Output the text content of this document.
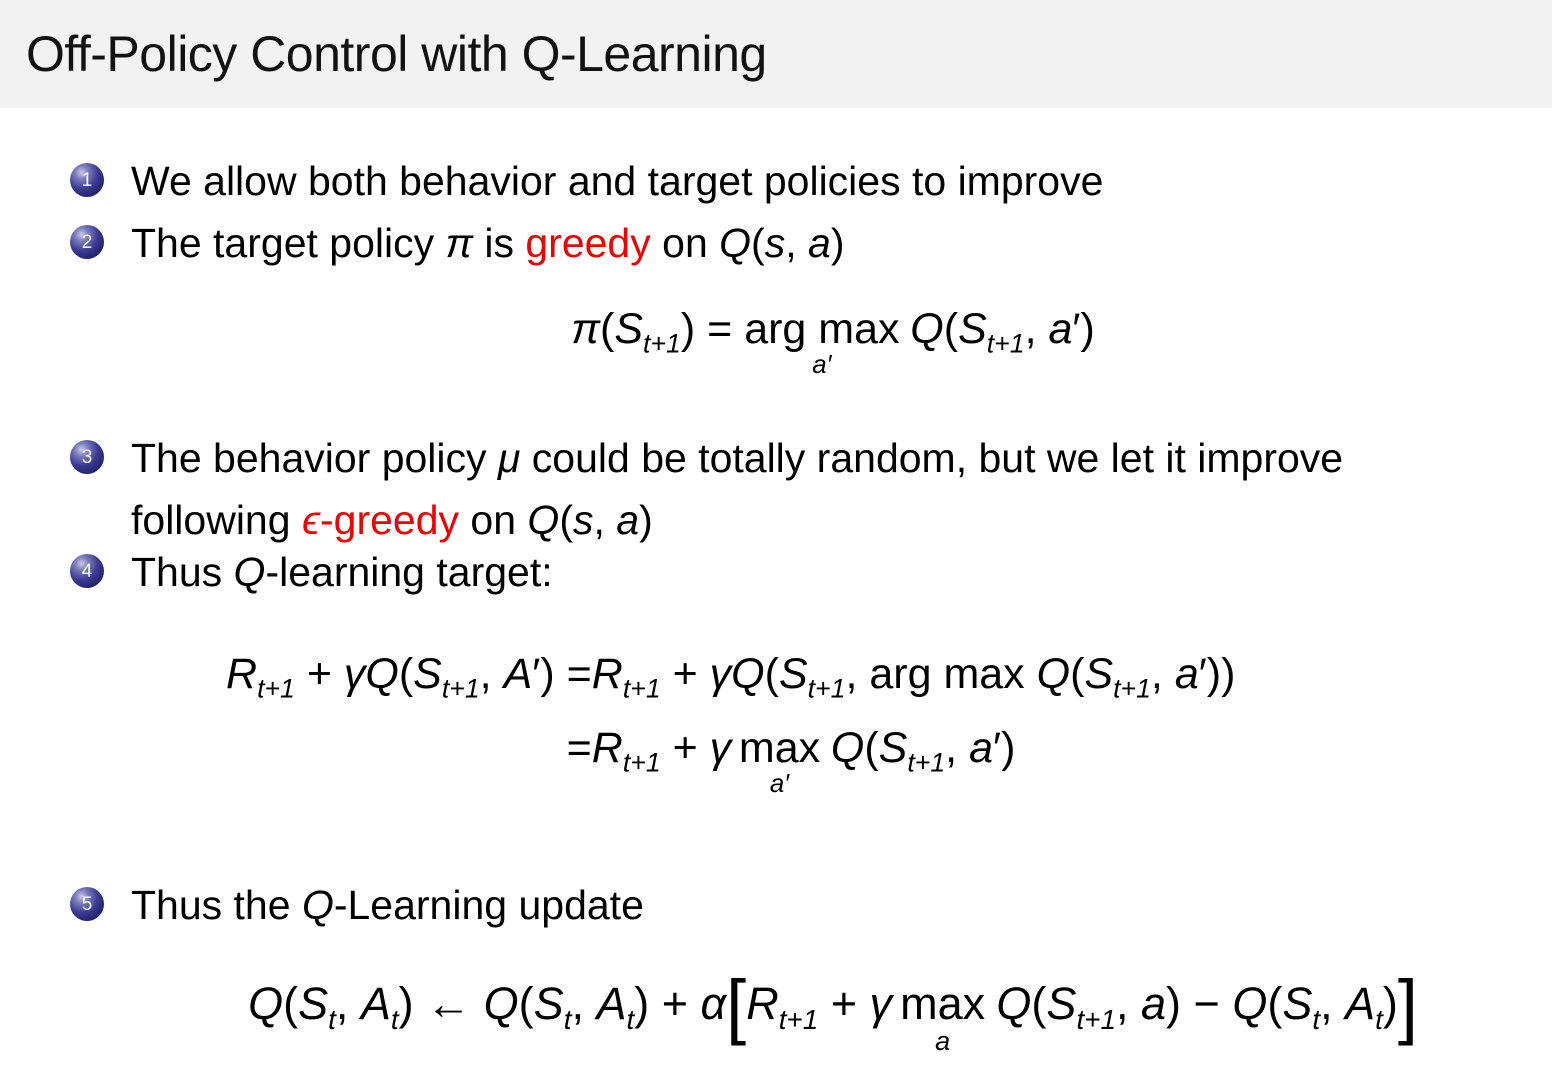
Off-Policy Control with Q-Learning
1 We allow both behavior and target policies to improve
2 The target policy π is greedy on Q(s, a)
$\pi(S_{t+1})$ = arg max
a′
$Q(S_{t+1}$, a′)
3 The behavior policy μ could be totally random, but we let it improve
following ϵ-greedy on Q(s, a)
4 Thus Q-learning target:
$R_{t+1} + \gamma Q(S_{t+1}$, $A') =R_{t+1} + \gamma Q(S_{t+1}$, arg $\max Q(S_{t+1}$, a′))
$=R_{t+1} + \gamma$ max
a′
$Q(S_{t+1}$, a′)
5 Thus the Q-Learning update
$Q(S_t$, $A_t$) ← $Q(S_t$, $A_t) + \alpha[R_{t+1} + \gamma$ max
a
$Q(S_{t+1}$, $a) - Q(S_t$, $A_t$)]
